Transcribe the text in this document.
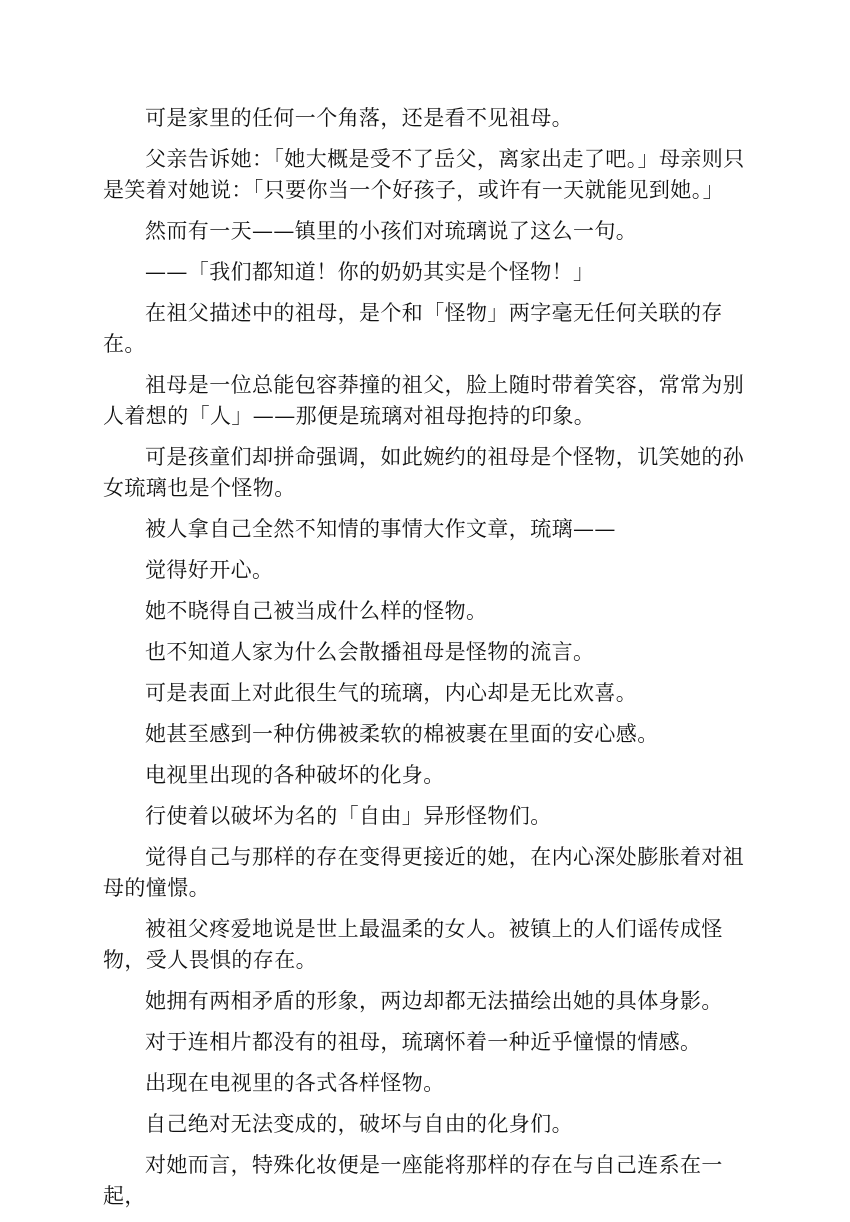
可是家里的任何一个角落，还是看不见祖母。

父亲告诉她：「她大概是受不了岳父，离家出走了吧。」母亲则只是笑着对她说：「只要你当一个好孩子，或许有一天就能见到她。」

然而有一天——镇里的小孩们对琉璃说了这么一句。

——「我们都知道！你的奶奶其实是个怪物！」

在祖父描述中的祖母，是个和「怪物」两字毫无任何关联的存在。

祖母是一位总能包容莽撞的祖父，脸上随时带着笑容，常常为别人着想的「人」——那便是琉璃对祖母抱持的印象。

可是孩童们却拼命强调，如此婉约的祖母是个怪物，讥笑她的孙女琉璃也是个怪物。

被人拿自己全然不知情的事情大作文章，琉璃——

觉得好开心。

她不晓得自己被当成什么样的怪物。

也不知道人家为什么会散播祖母是怪物的流言。

可是表面上对此很生气的琉璃，内心却是无比欢喜。

她甚至感到一种仿佛被柔软的棉被裹在里面的安心感。

电视里出现的各种破坏的化身。

行使着以破坏为名的「自由」异形怪物们。

觉得自己与那样的存在变得更接近的她，在内心深处膨胀着对祖母的憧憬。

被祖父疼爱地说是世上最温柔的女人。被镇上的人们谣传成怪物，受人畏惧的存在。

她拥有两相矛盾的形象，两边却都无法描绘出她的具体身影。

对于连相片都没有的祖母，琉璃怀着一种近乎憧憬的情感。

出现在电视里的各式各样怪物。

自己绝对无法变成的，破坏与自由的化身们。

对她而言，特殊化妆便是一座能将那样的存在与自己连系在一起，
